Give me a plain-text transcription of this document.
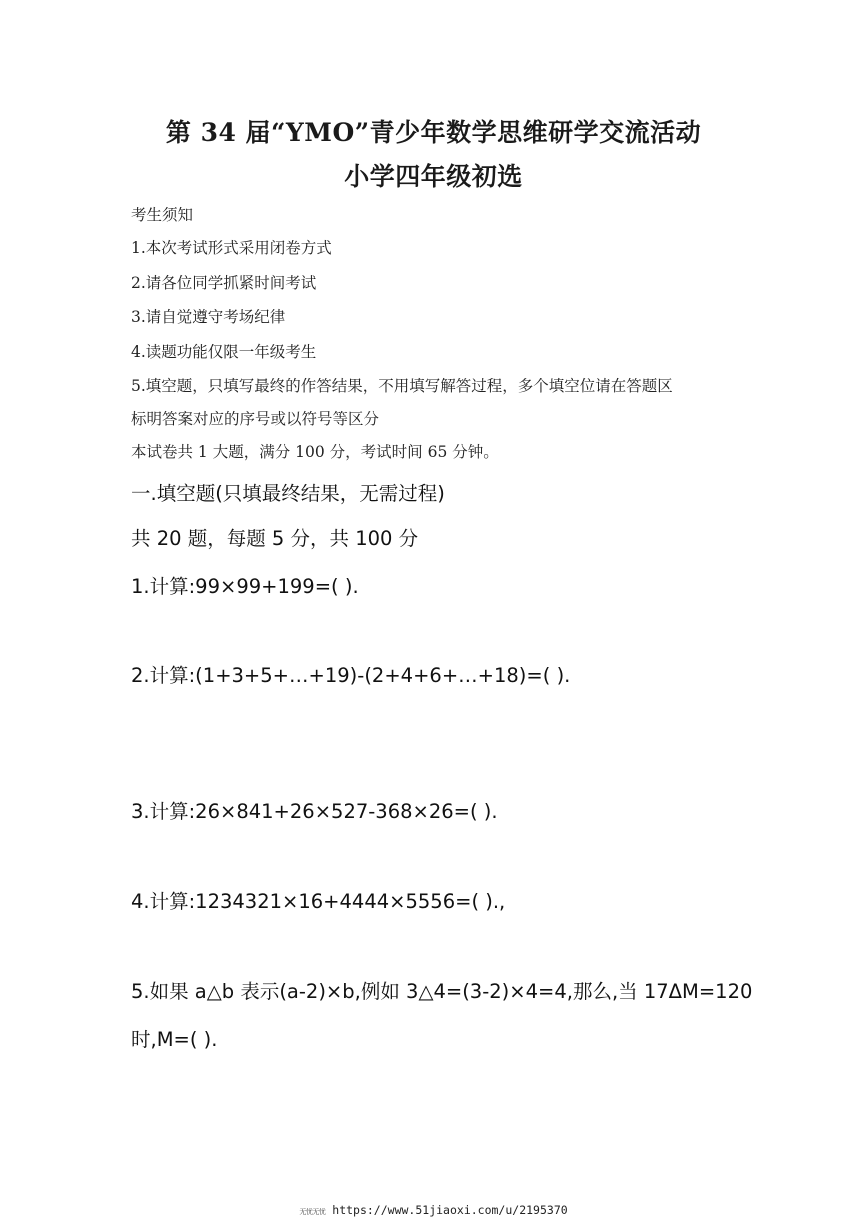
第 34 届“YMO”青少年数学思维研学交流活动
小学四年级初选
考生须知
1.本次考试形式采用闭卷方式
2.请各位同学抓紧时间考试
3.请自觉遵守考场纪律
4.读题功能仅限一年级考生
5.填空题，只填写最终的作答结果，不用填写解答过程，多个填空位请在答题区
标明答案对应的序号或以符号等区分
本试卷共 1 大题，满分 100 分，考试时间 65 分钟。
一.填空题(只填最终结果，无需过程)
共 20 题，每题 5 分，共 100 分
1.计算:99×99+199=( ).
2.计算:(1+3+5+…+19)-(2+4+6+…+18)=( ).
3.计算:26×841+26×527-368×26=( ).
4.计算:1234321×16+4444×5556=( ).,
5.如果 a△b 表示(a-2)×b,例如 3△4=(3-2)×4=4,那么,当 17ΔM=120
时,M=( ).
无忧无忧 https://www.51jiaoxi.com/u/2195370
